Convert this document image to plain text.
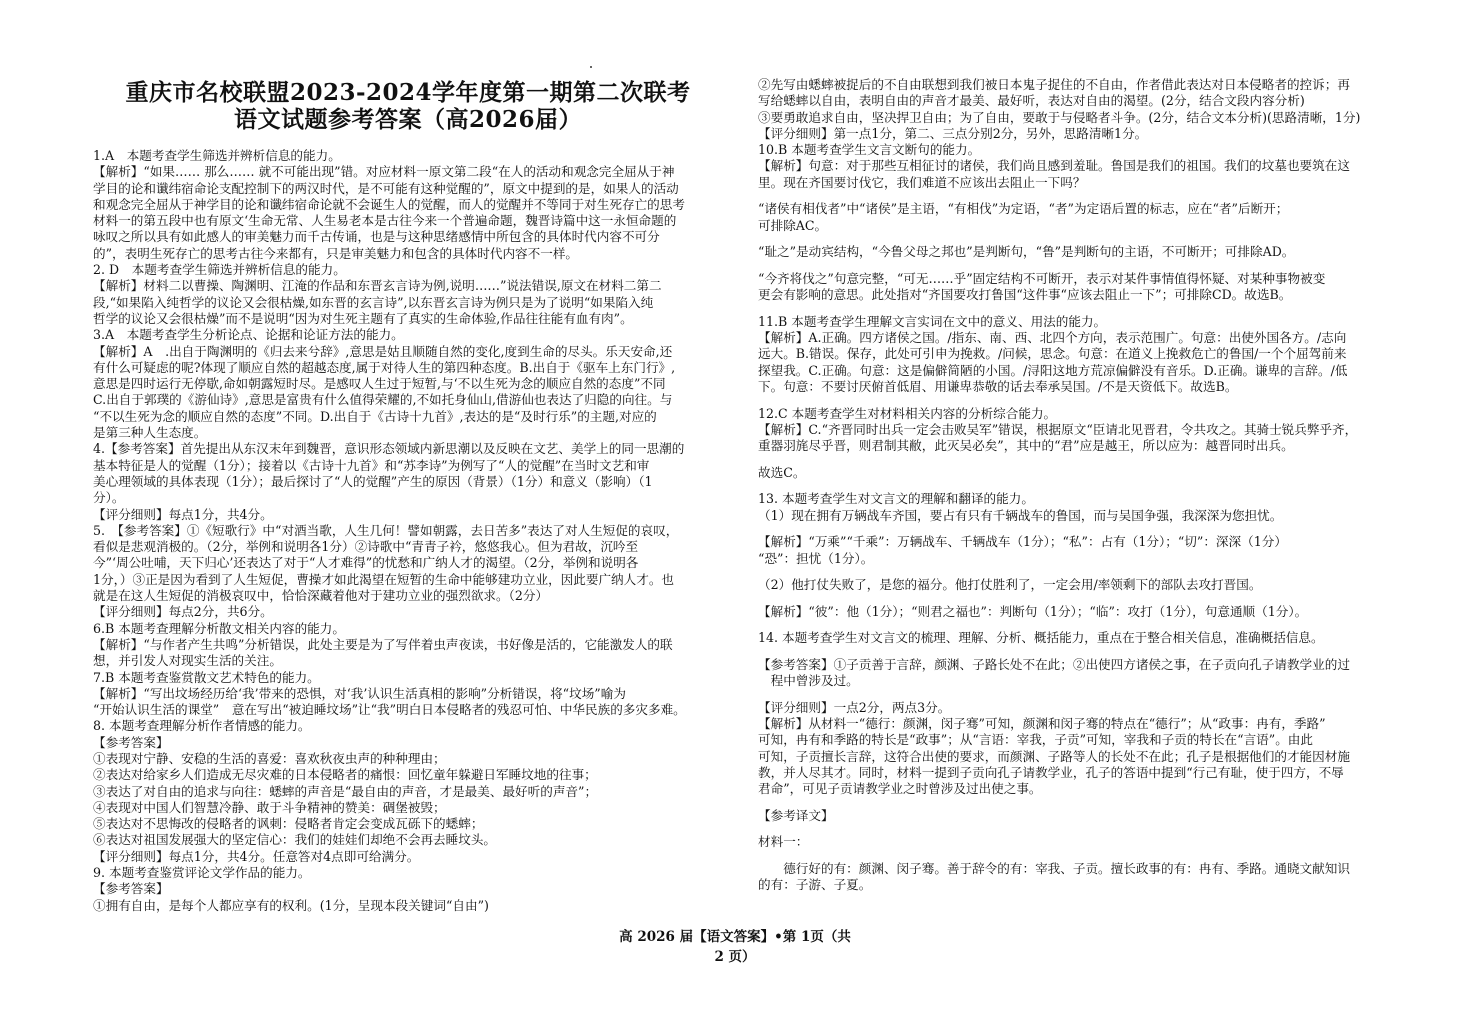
重庆市名校联盟2023-2024学年度第一期第二次联考
语文试题参考答案（高2026届）
1.A　本题考查学生筛选并辨析信息的能力。
【解析】“如果…… 那么…… 就不可能出现”错。对应材料一原文第二段“在人的活动和观念完全屈从于神
学目的论和谶纬宿命论支配控制下的两汉时代，是不可能有这种觉醒的”，原文中提到的是，如果人的活动
和观念完全屈从于神学目的论和谶纬宿命论就不会诞生人的觉醒，而人的觉醒并不等同于对生死存亡的思考
材料一的第五段中也有原文‘生命无常、人生易老本是古往今来一个普遍命题，魏晋诗篇中这一永恒命题的
咏叹之所以具有如此感人的审美魅力而千古传诵，也是与这种思绪感情中所包含的具体时代内容不可分
的”，表明生死存亡的思考古往今来都有，只是审美魅力和包含的具体时代内容不一样。
2. D　本题考查学生筛选并辨析信息的能力。
【解析】材料二以曹操、陶渊明、江淹的作品和东晋玄言诗为例,说明……”说法错误,原文在材料二第二
段,“如果陷入纯哲学的议论又会很枯燥,如东晋的玄言诗”,以东晋玄言诗为例只是为了说明“如果陷入纯
哲学的议论又会很枯燥”而不是说明“因为对生死主题有了真实的生命体验,作品往往能有血有肉”。
3.A　本题考查学生分析论点、论据和论证方法的能力。
【解析】A　.出自于陶渊明的《归去来兮辞》,意思是姑且顺随自然的变化,度到生命的尽头。乐天安命,还
有什么可疑虑的呢?体现了顺应自然的超越态度,属于对待人生的第四种态度。B.出自于《驱车上东门行》,
意思是四时运行无停歇,命如朝露短时尽。是感叹人生过于短暂,与‘不以生死为念的顺应自然的态度”不同
C.出自于郭璞的《游仙诗》,意思是富贵有什么值得荣耀的,不如托身仙山,借游仙也表达了归隐的向往。与
“不以生死为念的顺应自然的态度”不同。D.出自于《古诗十九首》,表达的是“及时行乐”的主题,对应的
是第三种人生态度。
4.【参考答案】首先提出从东汉末年到魏晋，意识形态领域内新思潮以及反映在文艺、美学上的同一思潮的
基本特征是人的觉醒（1分）；接着以《古诗十九首》和“苏李诗”为例写了“人的觉醒”在当时文艺和审
美心理领域的具体表现（1分）；最后探讨了“人的觉醒”产生的原因（背景）（1分）和意义（影响）（1
分）。
【评分细则】每点1分，共4分。
5.　【参考答案】①《短歌行》中“对酒当歌，人生几何！譬如朝露，去日苦多”表达了对人生短促的哀叹，
看似是悲观消极的。（2分，举例和说明各1分）②诗歌中“青青子衿，悠悠我心。但为君故，沉吟至
今”‘周公吐哺，天下归心’还表达了对于“人才难得”的忧愁和广纳人才的渴望。（2分，举例和说明各
1分，）③正是因为看到了人生短促，曹操才如此渴望在短暂的生命中能够建功立业，因此要广纳人才。也
就是在这人生短促的消极哀叹中，恰恰深藏着他对于建功立业的强烈欲求。（2分）
【评分细则】每点2分，共6分。
6.B 本题考查理解分析散文相关内容的能力。
【解析】“与作者产生共鸣”分析错误，此处主要是为了写伴着虫声夜读，书好像是活的，它能激发人的联
想，并引发人对现实生活的关注。
7.B 本题考查鉴赏散文艺术特色的能力。
【解析】“写出坟场经历给‘我’带来的恐惧，对‘我’认识生活真相的影响”分析错误，将“坟场”喻为
“开始认识生活的课堂”　意在写出“被迫睡坟场”让“我”明白日本侵略者的残忍可怕、中华民族的多灾多难。
8. 本题考查理解分析作者情感的能力。
【参考答案】
①表现对宁静、安稳的生活的喜爱：喜欢秋夜虫声的种种理由；
②表达对给家乡人们造成无尽灾难的日本侵略者的痛恨：回忆童年躲避日军睡坟地的往事；
③表达了对自由的追求与向往：蟋蟀的声音是“最自由的声音，才是最美、最好听的声音”；
④表现对中国人们智慧冷静、敢于斗争精神的赞美：碉堡被毁；
⑤表达对不思悔改的侵略者的讽刺：侵略者肯定会变成瓦砾下的蟋蟀；
⑥表达对祖国发展强大的坚定信心：我们的娃娃们却绝不会再去睡坟头。
【评分细则】每点1分，共4分。任意答对4点即可给满分。
9. 本题考查鉴赏评论文学作品的能力。
【参考答案】
①拥有自由，是每个人都应享有的权利。(1分，呈现本段关键词“自由”)
②先写由蟋蟀被捉后的不自由联想到我们被日本鬼子捉住的不自由，作者借此表达对日本侵略者的控诉；再
写给蟋蟀以自由，表明自由的声音才最美、最好听，表达对自由的渴望。(2分，结合文段内容分析)
③要勇敢追求自由，坚决捍卫自由；为了自由，要敢于与侵略者斗争。(2分，结合文本分析)(思路清晰，1分)
【评分细则】第一点1分，第二、三点分别2分，另外，思路清晰1分。
10.B 本题考查学生文言文断句的能力。
【解析】句意：对于那些互相征讨的诸侯，我们尚且感到羞耻。鲁国是我们的祖国。我们的坟墓也要筑在这
里。现在齐国要讨伐它，我们难道不应该出去阻止一下吗？
“诸侯有相伐者”中“诸侯”是主语，“有相伐”为定语，“者”为定语后置的标志，应在“者”后断开；
可排除AC。
“耻之”是动宾结构，“今鲁父母之邦也”是判断句，“鲁”是判断句的主语，不可断开；可排除AD。
“今齐将伐之”句意完整，“可无……乎”固定结构不可断开，表示对某件事情值得怀疑、对某种事物被变
更会有影响的意思。此处指对“齐国要攻打鲁国“这件事“应该去阻止一下”；可排除CD。故选B。
11.B 本题考查学生理解文言实词在文中的意义、用法的能力。
【解析】A.正确。四方诸侯之国。/指东、南、西、北四个方向，表示范围广。句意：出使外国各方。/志向
远大。B.错误。保存，此处可引申为挽救。/问候，思念。句意：在道义上挽救危亡的鲁国/一个个屈驾前来
探望我。C.正确。句意：这是偏僻简陋的小国。/浔阳这地方荒凉偏僻没有音乐。D.正确。谦卑的言辞。/低
下。句意：不要讨厌俯首低眉、用谦卑恭敬的话去奉承吴国。/不是天资低下。故选B。
12.C 本题考查学生对材料相关内容的分析综合能力。
【解析】C.“齐晋同时出兵一定会击败吴军”错误，根据原文“臣请北见晋君，令共攻之。其骑士锐兵弊乎齐，
重器羽旄尽乎晋，则君制其敝，此灭吴必矣”，其中的“君”应是越王，所以应为：越晋同时出兵。
故选C。
13. 本题考查学生对文言文的理解和翻译的能力。
（1）现在拥有万辆战车齐国，要占有只有千辆战车的鲁国，而与吴国争强，我深深为您担忧。
【解析】“万乘”“千乘”：万辆战车、千辆战车（1分）；“私”：占有（1分）；“切”：深深（1分）
“恐”：担忧（1分）。
（2）他打仗失败了，是您的福分。他打仗胜利了，一定会用/率领剩下的部队去攻打晋国。
【解析】“彼”：他（1分）；“则君之福也”：判断句（1分）；“临”：攻打（1分），句意通顺（1分）。
14. 本题考查学生对文言文的梳理、理解、分析、概括能力，重点在于整合相关信息，准确概括信息。
【参考答案】①子贡善于言辞，颜渊、子路长处不在此；②出使四方诸侯之事，在子贡向孔子请教学业的过
　程中曾涉及过。
【评分细则】一点2分，两点3分。
【解析】从材料一“德行：颜渊，闵子骞”可知，颜渊和闵子骞的特点在“德行”；从“政事：冉有，季路”
可知，冉有和季路的特长是“政事”；从“言语：宰我，子贡”可知，宰我和子贡的特长在“言语”。由此
可知，子贡擅长言辞，这符合出使的要求，而颜渊、子路等人的长处不在此；孔子是根据他们的才能因材施
教，并人尽其才。同时，材料一提到子贡向孔子请教学业，孔子的答语中提到“行己有耻，使于四方，不辱
君命”，可见子贡请教学业之时曾涉及过出使之事。
【参考译文】
材料一：
　　德行好的有：颜渊、闵子骞。善于辞令的有：宰我、子贡。擅长政事的有：冉有、季路。通晓文献知识
的有：子游、子夏。
高 2026 届【语文答案】•第 1页（共
2 页）
